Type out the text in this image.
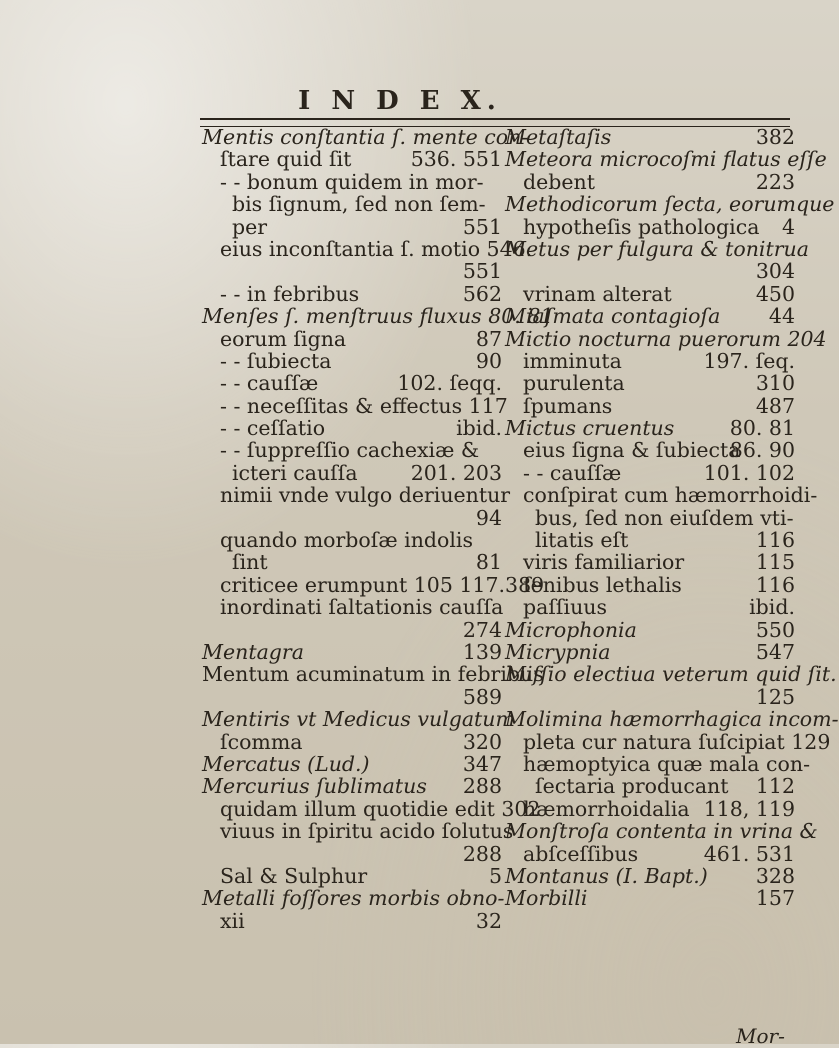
I N D E X.
Mentis conſtantia ſ. mente con-
ſtare quid ſit	536. 551
- - bonum quidem in mor-
bis ſignum, ſed non ſem-
per	551
eius inconſtantia ſ. motio 546.
551
- - in febribus	562
Menſes ſ. menſtruus fluxus 80. 81
eorum ſigna	87
- - ſubiecta	90
- - cauſſæ	102. ſeqq.
- - neceſſitas & effectus 117
- - ceſſatio	ibid.
- - ſuppreſſio cachexiæ &
icteri cauſſa	201. 203
nimii vnde vulgo deriuentur
94
quando morboſæ indolis
ſint	81
criticee erumpunt 105 117.389
inordinati ſaltationis cauſſa
274
Mentagra	139
Mentum acuminatum in febribus
589
Mentiris vt Medicus vulgatum
ſcomma	320
Mercatus (Lud.)	347
Mercurius ſublimatus 288
quidam illum quotidie edit 302
viuus in ſpiritu acido ſolutus
288
Sal & Sulphur	5
Metalli foſſores morbis obno-
xii	32
Metaſtaſis	382
Meteora microcoſmi flatus eſſe
debent	223
Methodicorum ſecta, eorumque
hypotheſis pathologica 4
Metus per fulgura & tonitrua
304
vrinam alterat	450
Miaſmata contagioſa 44
Mictio nocturna puerorum 204
imminuta	197. ſeq.
purulenta	310
ſpumans	487
Mictus cruentus	80. 81
eius ſigna & ſubiecta
86. 90
- - cauſſæ	101. 102
conſpirat cum hæmorrhoidi-
bus, ſed non eiuſdem vti-
litatis eſt	116
viris familiarior	115
ſenibus lethalis	116
paſſiuus	ibid.
Microphonia	550
Micrypnia	547
Miſſio electiua veterum quid ſit.
125
Molimina hæmorrhagica incom-
pleta cur natura ſuſcipiat 129
hæmoptyica quæ mala con-
ſectaria producant 112
hæmorrhoidalia 118, 119
Monſtroſa contenta in vrina &
abſceſſibus	461. 531
Montanus (I. Bapt.) 328
Morbilli	157
Mor-
